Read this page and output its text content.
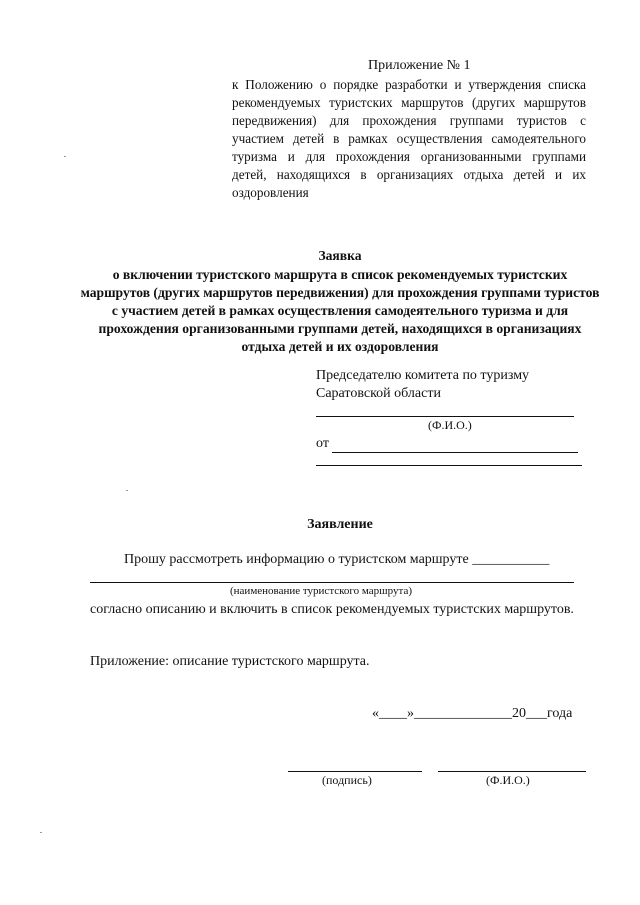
Приложение № 1
к Положению о порядке разработки и утверждения списка рекомендуемых туристских маршрутов (других маршрутов передвижения) для прохождения группами туристов с участием детей в рамках осуществления самодеятельного туризма и для прохождения организованными группами детей, находящихся в организациях отдыха детей и их оздоровления
Заявка
о включении туристского маршрута в список рекомендуемых туристских маршрутов (других маршрутов передвижения) для прохождения группами туристов с участием детей в рамках осуществления самодеятельного туризма и для прохождения организованными группами детей, находящихся в организациях отдыха детей и их оздоровления
Председателю комитета по туризму
Саратовской области
(Ф.И.О.)
от
Заявление
Прошу рассмотреть информацию о туристском маршруте ___________
(наименование туристского маршрута)
согласно описанию и включить в список рекомендуемых туристских маршрутов.
Приложение: описание туристского маршрута.
«____»______________20___года
(подпись)	(Ф.И.О.)
